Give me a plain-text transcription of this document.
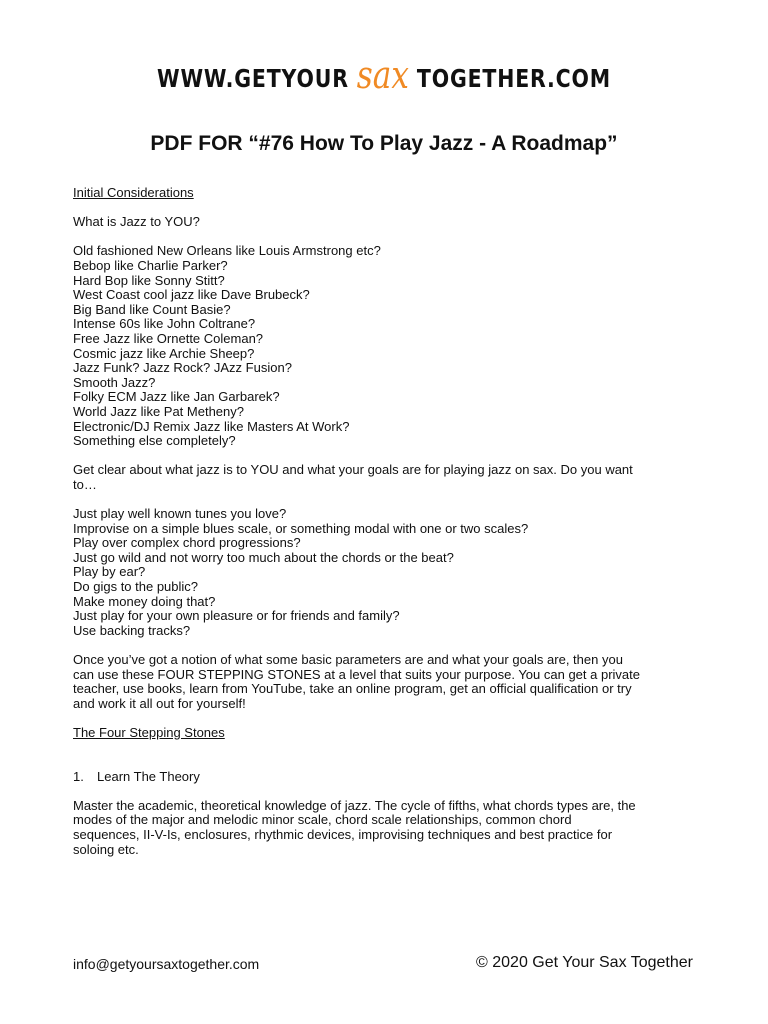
WWW.GETYOUR sax TOGETHER.COM
PDF FOR “#76 How To Play Jazz - A Roadmap”

Initial Considerations

What is Jazz to YOU?

Old fashioned New Orleans like Louis Armstrong etc?

Bebop like Charlie Parker?

Hard Bop like Sonny Stitt?

West Coast cool jazz like Dave Brubeck?

Big Band like Count Basie?

Intense 60s like John Coltrane?

Free Jazz like Ornette Coleman?

Cosmic jazz like Archie Sheep?

Jazz Funk? Jazz Rock? JAzz Fusion?

Smooth Jazz?

Folky ECM Jazz like Jan Garbarek?

World Jazz like Pat Metheny?

Electronic/DJ Remix Jazz like Masters At Work?

Something else completely?

Get clear about what jazz is to YOU and what your goals are for playing jazz on sax. Do you want

to…

Just play well known tunes you love?

Improvise on a simple blues scale, or something modal with one or two scales?

Play over complex chord progressions?

Just go wild and not worry too much about the chords or the beat?

Play by ear?

Do gigs to the public?

Make money doing that?

Just play for your own pleasure or for friends and family?

Use backing tracks?

Once you’ve got a notion of what some basic parameters are and what your goals are, then you

can use these FOUR STEPPING STONES at a level that suits your purpose. You can get a private

teacher, use books, learn from YouTube, take an online program, get an official qualification or try

and work it all out for yourself!

The Four Stepping Stones

1. Learn The Theory

Master the academic, theoretical knowledge of jazz. The cycle of fifths, what chords types are, the

modes of the major and melodic minor scale, chord scale relationships, common chord

sequences, II-V-Is, enclosures, rhythmic devices, improvising techniques and best practice for

soloing etc.

info@getyoursaxtogether.com	© 2020 Get Your Sax Together
